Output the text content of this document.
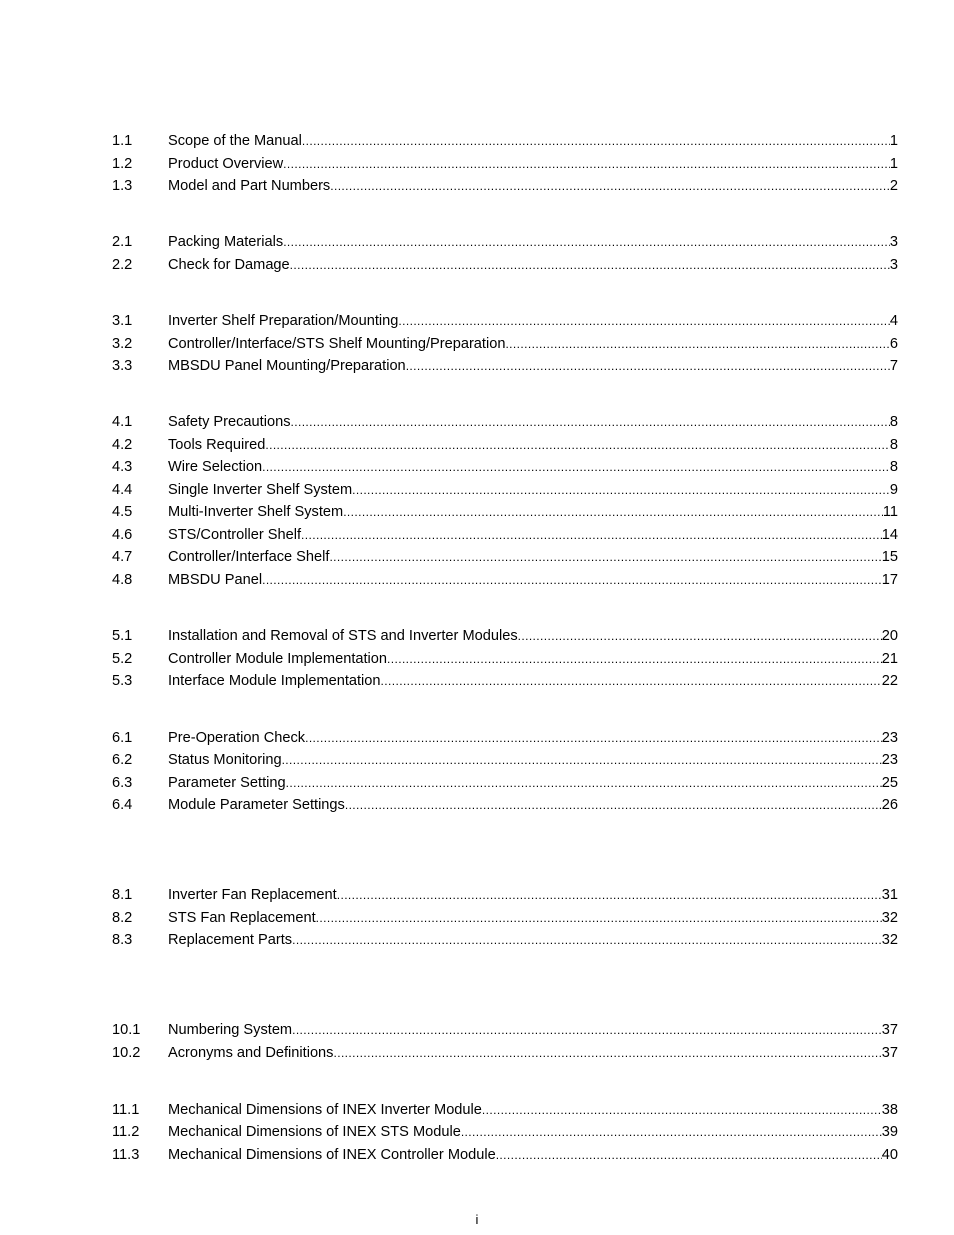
1.1	Scope of the Manual .....	1
1.2	Product Overview .....	1
1.3	Model and Part Numbers .....	2
2.1	Packing Materials .....	3
2.2	Check for Damage .....	3
3.1	Inverter Shelf Preparation/Mounting .....	4
3.2	Controller/Interface/STS Shelf Mounting/Preparation .....	6
3.3	MBSDU Panel Mounting/Preparation .....	7
4.1	Safety Precautions .....	8
4.2	Tools Required .....	8
4.3	Wire Selection .....	8
4.4	Single Inverter Shelf System .....	9
4.5	Multi-Inverter Shelf System .....	11
4.6	STS/Controller Shelf .....	14
4.7	Controller/Interface Shelf .....	15
4.8	MBSDU Panel .....	17
5.1	Installation and Removal of STS and Inverter Modules .....	20
5.2	Controller Module Implementation .....	21
5.3	Interface Module Implementation .....	22
6.1	Pre-Operation Check .....	23
6.2	Status Monitoring .....	23
6.3	Parameter Setting .....	25
6.4	Module Parameter Settings .....	26
8.1	Inverter Fan Replacement .....	31
8.2	STS Fan Replacement .....	32
8.3	Replacement Parts .....	32
10.1	Numbering System .....	37
10.2	Acronyms and Definitions .....	37
11.1	Mechanical Dimensions of INEX Inverter Module .....	38
11.2	Mechanical Dimensions of INEX STS Module .....	39
11.3	Mechanical Dimensions of INEX Controller Module .....	40
i
